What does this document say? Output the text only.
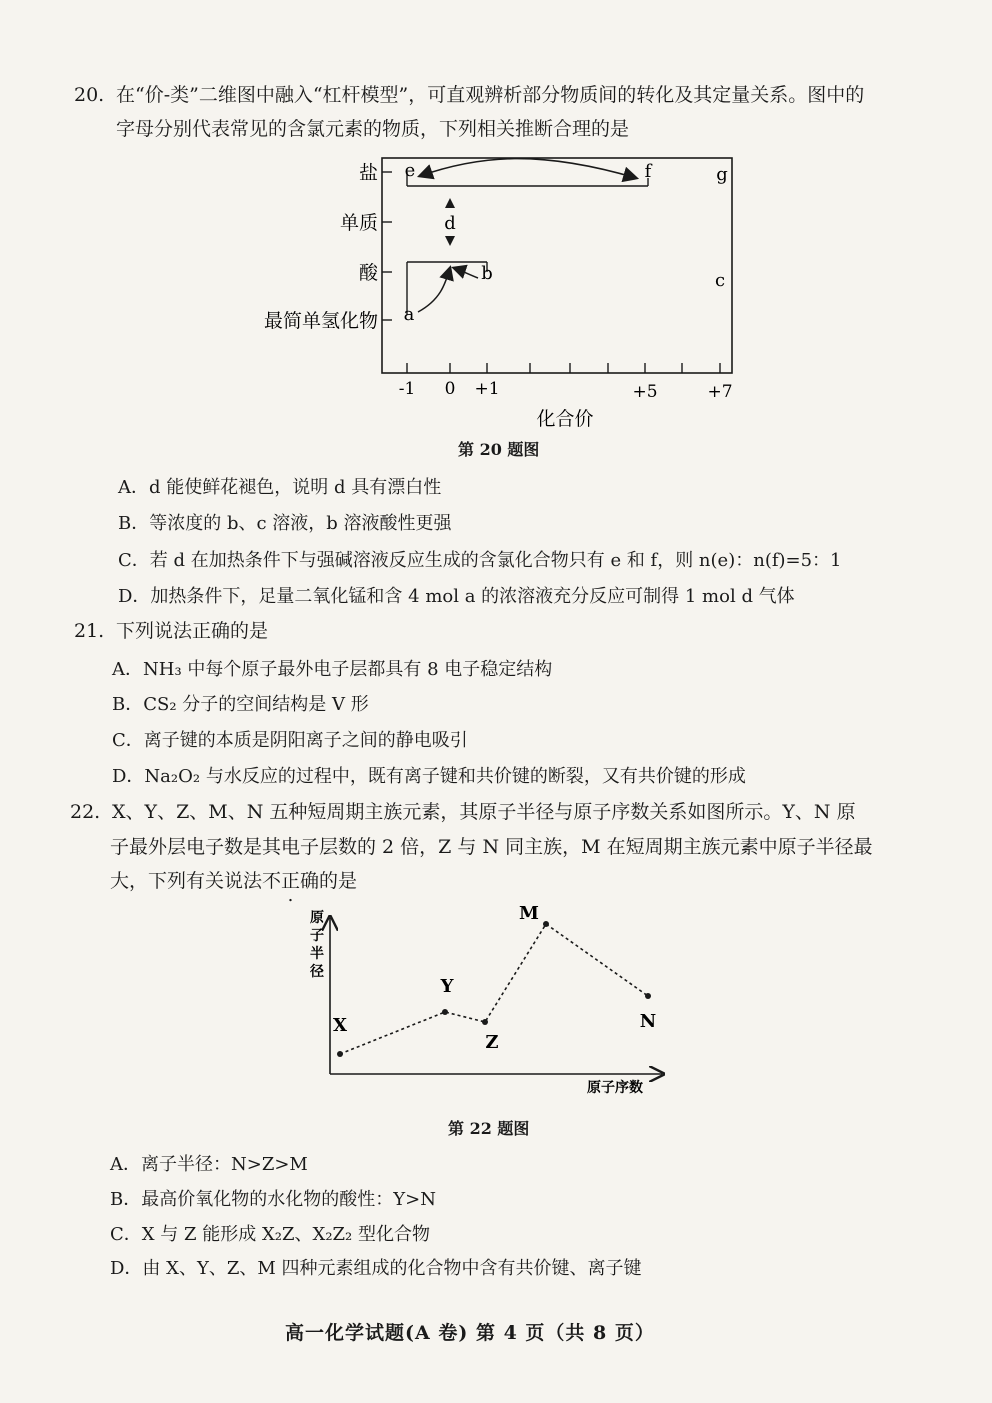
20. 在“价-类”二维图中融入“杠杆模型”，可直观辨析部分物质间的转化及其定量关系。图中的
字母分别代表常见的含氯元素的物质，下列相关推断合理的是
盐
单质
酸
最简单氢化物
-1 0 +1	+5	+7
化合价
a
b	c
d
e	f	g
第 20 题图
A．d 能使鲜花褪色，说明 d 具有漂白性
B．等浓度的 b、c 溶液，b 溶液酸性更强
C．若 d 在加热条件下与强碱溶液反应生成的含氯化合物只有 e 和 f，则 n(e)：n(f)=5：1
D．加热条件下，足量二氧化锰和含 4 mol a 的浓溶液充分反应可制得 1 mol d 气体
21. 下列说法正确的是
A．NH₃ 中每个原子最外电子层都具有 8 电子稳定结构
B．CS₂ 分子的空间结构是 V 形
C．离子键的本质是阴阳离子之间的静电吸引
D．Na₂O₂ 与水反应的过程中，既有离子键和共价键的断裂，又有共价键的形成
22. X、Y、Z、M、N 五种短周期主族元素，其原子半径与原子序数关系如图所示。Y、N 原
子最外层电子数是其电子层数的 2 倍，Z 与 N 同主族，M 在短周期主族元素中原子半径最
大，下列有关说法不正确的是
原
子
半
径
原子序数
X
Y
Z
M
N
第 22 题图
A．离子半径：N>Z>M
B．最高价氧化物的水化物的酸性：Y>N
C．X 与 Z 能形成 X₂Z、X₂Z₂ 型化合物
D．由 X、Y、Z、M 四种元素组成的化合物中含有共价键、离子键
高一化学试题(A 卷) 第 4 页（共 8 页）
